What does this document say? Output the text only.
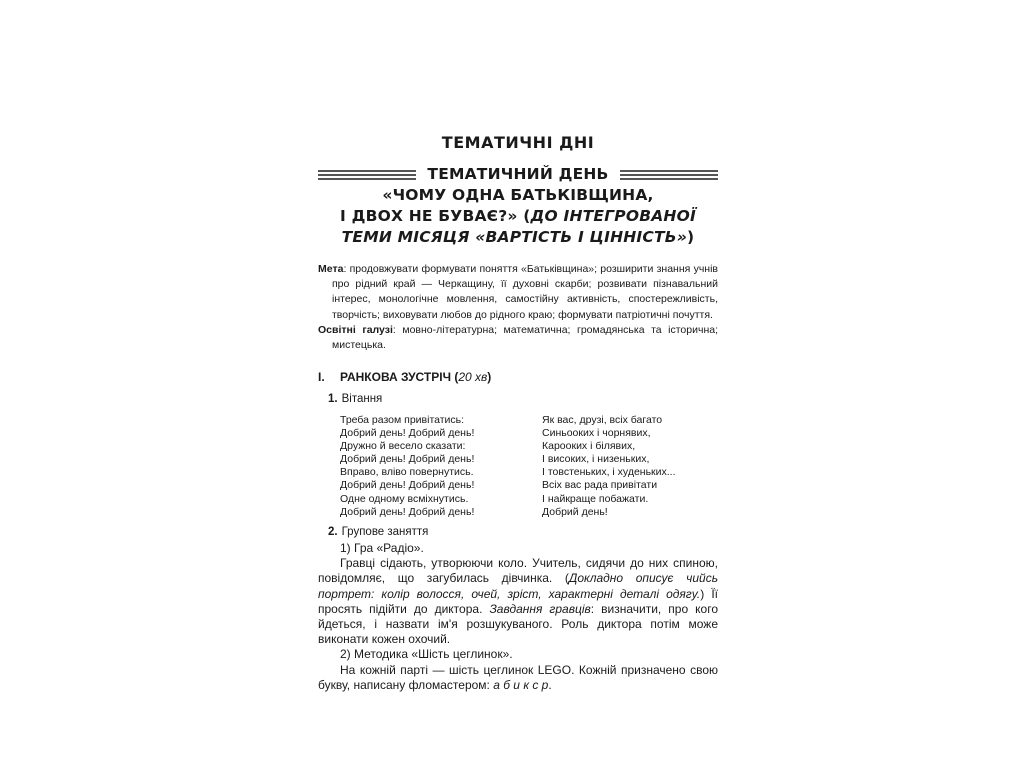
ТЕМАТИЧНІ ДНІ
ТЕМАТИЧНИЙ ДЕНЬ
«ЧОМУ ОДНА БАТЬКІВЩИНА,
І ДВОХ НЕ БУВАЄ?» (ДО ІНТЕГРОВАНОЇ
ТЕМИ МІСЯЦЯ «ВАРТІСТЬ І ЦІННІСТЬ»)

Мета: продовжувати формувати поняття «Батьківщина»; розширити знання учнів про рідний край — Черкащину, її духовні скарби; розвивати пізнавальний інтерес, монологічне мовлення, самостійну активність, спостережливість, творчість; виховувати любов до рідного краю; формувати патріотичні почуття.

Освітні галузі: мовно-літературна; математична; громадянська та історична; мистецька.

I. РАНКОВА ЗУСТРІЧ (20 хв)
1. Вітання
Треба разом привітатись:
Добрий день! Добрий день!
Дружно й весело сказати:
Добрий день! Добрий день!
Вправо, вліво повернутись.
Добрий день! Добрий день!
Одне одному всміхнутись.
Добрий день! Добрий день!
Як вас, друзі, всіх багато
Синьооких і чорнявих,
Карооких і білявих,
І високих, і низеньких,
І товстеньких, і худеньких...
Всіх вас рада привітати
І найкраще побажати.
Добрий день!
2. Групове заняття

1) Гра «Радіо».

Гравці сідають, утворюючи коло. Учитель, сидячи до них спиною, повідомляє, що загубилась дівчинка. (Докладно описує чийсь портрет: колір волосся, очей, зріст, характерні деталі одягу.) Її просять підійти до диктора. Завдання гравців: визначити, про кого йдеться, і назвати ім'я розшукуваного. Роль диктора потім може виконати кожен охочий.

2) Методика «Шість цеглинок».

На кожній парті — шість цеглинок LEGO. Кожній призначено свою букву, написану фломастером: а б и к с р.
